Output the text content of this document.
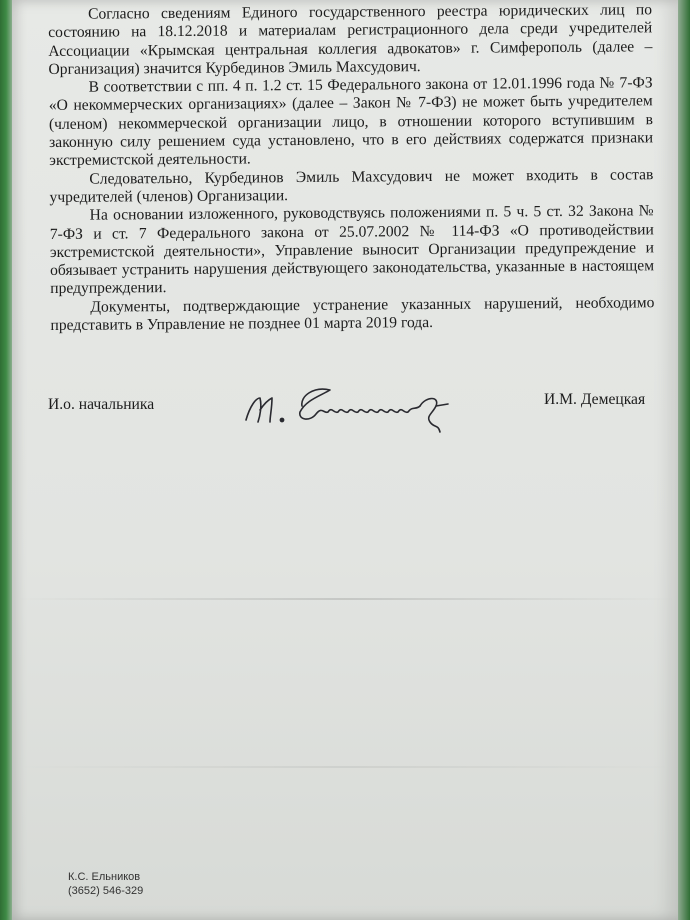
Согласно сведениям Единого государственного реестра юридических лиц по состоянию на 18.12.2018 и материалам регистрационного дела среди учредителей Ассоциации «Крымская центральная коллегия адвокатов» г. Симферополь (далее – Организация) значится Курбединов Эмиль Махсудович.

В соответствии с пп. 4 п. 1.2 ст. 15 Федерального закона от 12.01.1996 года № 7-ФЗ «О некоммерческих организациях» (далее – Закон № 7-ФЗ) не может быть учредителем (членом) некоммерческой организации лицо, в отношении которого вступившим в законную силу решением суда установлено, что в его действиях содержатся признаки экстремистской деятельности.

Следовательно, Курбединов Эмиль Махсудович не может входить в состав учредителей (членов) Организации.

На основании изложенного, руководствуясь положениями п. 5 ч. 5 ст. 32 Закона № 7-ФЗ и ст. 7 Федерального закона от 25.07.2002 № 114-ФЗ «О противодействии экстремистской деятельности», Управление выносит Организации предупреждение и обязывает устранить нарушения действующего законодательства, указанные в настоящем предупреждении.

Документы, подтверждающие устранение указанных нарушений, необходимо представить в Управление не позднее 01 марта 2019 года.

И.о. начальника	И.М. Демецкая
К.С. Ельников
(3652) 546-329
